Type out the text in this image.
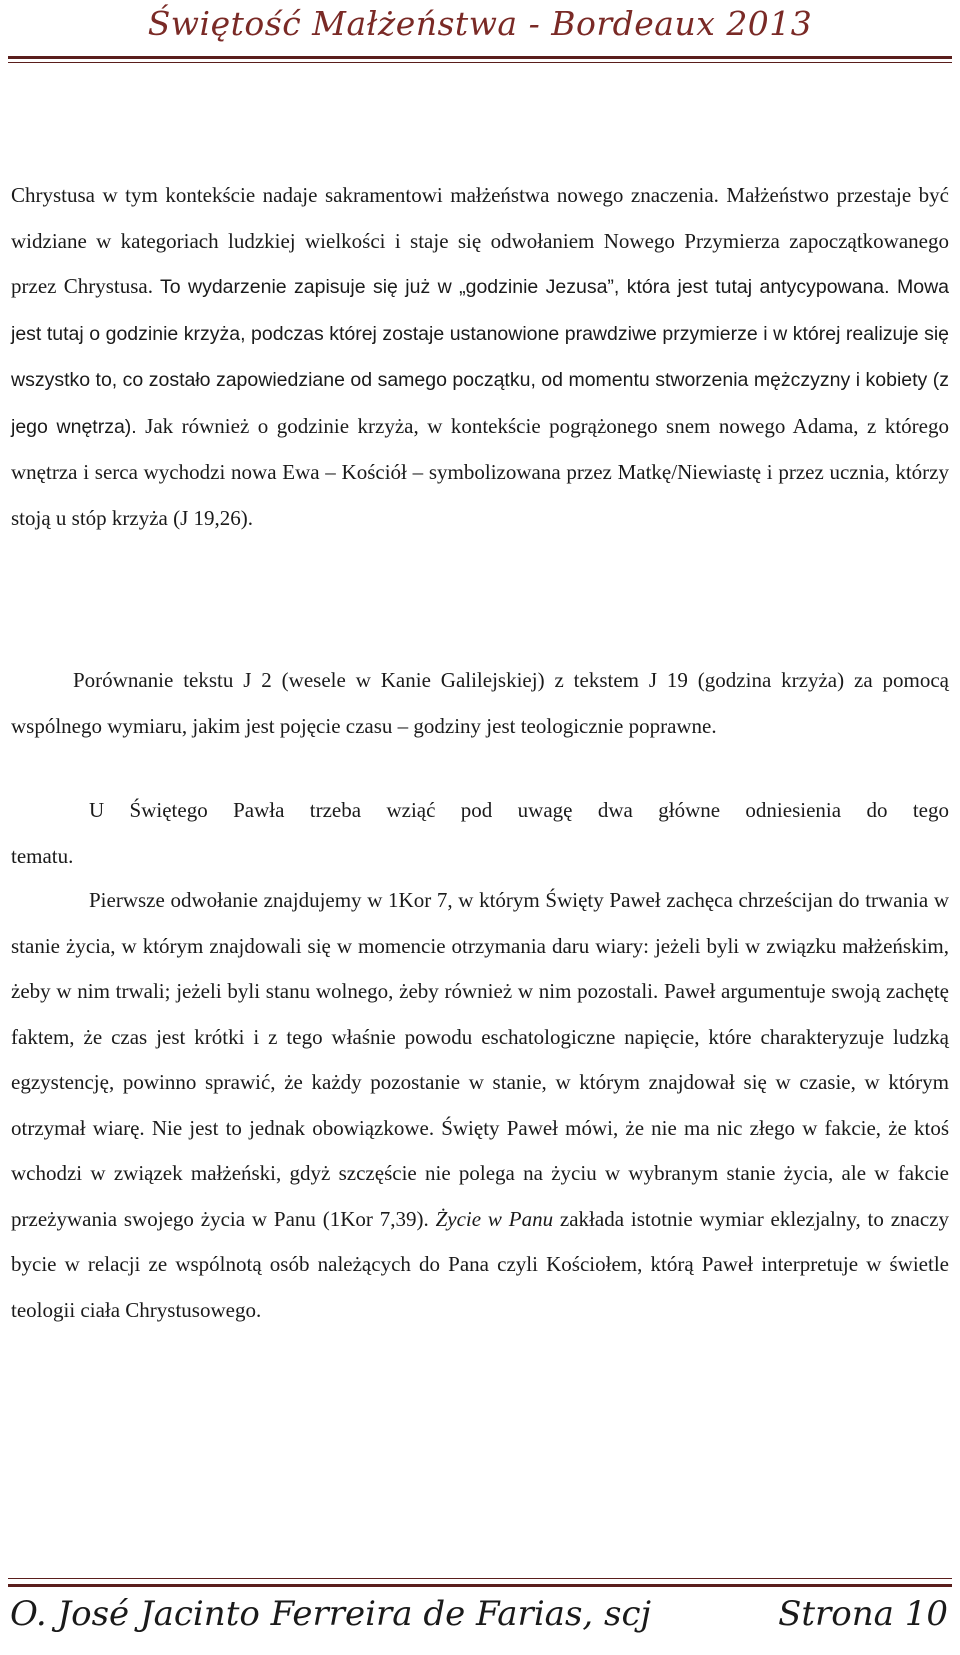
Świętość Małżeństwa - Bordeaux 2013

Chrystusa w tym kontekście nadaje sakramentowi małżeństwa nowego znaczenia. Małżeństwo przestaje być widziane w kategoriach ludzkiej wielkości i staje się odwołaniem Nowego Przymierza zapoczątkowanego przez Chrystusa. To wydarzenie zapisuje się już w „godzinie Jezusa”, która jest tutaj antycypowana. Mowa jest tutaj o godzinie krzyża, podczas której zostaje ustanowione prawdziwe przymierze i w której realizuje się wszystko to, co zostało zapowiedziane od samego początku, od momentu stworzenia mężczyzny i kobiety (z jego wnętrza). Jak również o godzinie krzyża, w kontekście pogrążonego snem nowego Adama, z którego wnętrza i serca wychodzi nowa Ewa – Kościół – symbolizowana przez Matkę/Niewiastę i przez ucznia, którzy stoją u stóp krzyża (J 19,26).

Porównanie tekstu J 2 (wesele w Kanie Galilejskiej) z tekstem J 19 (godzina krzyża) za pomocą wspólnego wymiaru, jakim jest pojęcie czasu – godziny jest teologicznie poprawne.

U Świętego Pawła trzeba wziąć pod uwagę dwa główne odniesienia do tego
tematu.

Pierwsze odwołanie znajdujemy w 1Kor 7, w którym Święty Paweł zachęca chrześcijan do trwania w stanie życia, w którym znajdowali się w momencie otrzymania daru wiary: jeżeli byli w związku małżeńskim, żeby w nim trwali; jeżeli byli stanu wolnego, żeby również w nim pozostali. Paweł argumentuje swoją zachętę faktem, że czas jest krótki i z tego właśnie powodu eschatologiczne napięcie, które charakteryzuje ludzką egzystencję, powinno sprawić, że każdy pozostanie w stanie, w którym znajdował się w czasie, w którym otrzymał wiarę. Nie jest to jednak obowiązkowe. Święty Paweł mówi, że nie ma nic złego w fakcie, że ktoś wchodzi w związek małżeński, gdyż szczęście nie polega na życiu w wybranym stanie życia, ale w fakcie przeżywania swojego życia w Panu (1Kor 7,39). Życie w Panu zakłada istotnie wymiar eklezjalny, to znaczy bycie w relacji ze wspólnotą osób należących do Pana czyli Kościołem, którą Paweł interpretuje w świetle teologii ciała Chrystusowego.

O. José Jacinto Ferreira de Farias, scj	Strona 10
